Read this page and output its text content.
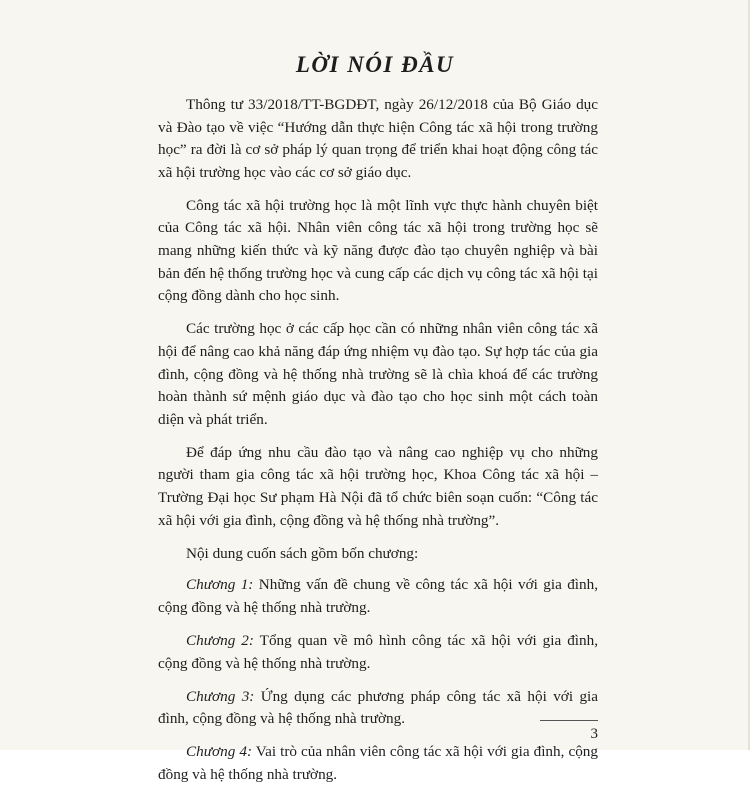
LỜI NÓI ĐẦU

Thông tư 33/2018/TT-BGDĐT, ngày 26/12/2018 của Bộ Giáo dục và Đào tạo về việc “Hướng dẫn thực hiện Công tác xã hội trong trường học” ra đời là cơ sở pháp lý quan trọng để triển khai hoạt động công tác xã hội trường học vào các cơ sở giáo dục.

Công tác xã hội trường học là một lĩnh vực thực hành chuyên biệt của Công tác xã hội. Nhân viên công tác xã hội trong trường học sẽ mang những kiến thức và kỹ năng được đào tạo chuyên nghiệp và bài bản đến hệ thống trường học và cung cấp các dịch vụ công tác xã hội tại cộng đồng dành cho học sinh.

Các trường học ở các cấp học cần có những nhân viên công tác xã hội để nâng cao khả năng đáp ứng nhiệm vụ đào tạo. Sự hợp tác của gia đình, cộng đồng và hệ thống nhà trường sẽ là chìa khoá để các trường hoàn thành sứ mệnh giáo dục và đào tạo cho học sinh một cách toàn diện và phát triển.

Để đáp ứng nhu cầu đào tạo và nâng cao nghiệp vụ cho những người tham gia công tác xã hội trường học, Khoa Công tác xã hội – Trường Đại học Sư phạm Hà Nội đã tổ chức biên soạn cuốn: “Công tác xã hội với gia đình, cộng đồng và hệ thống nhà trường”.

Nội dung cuốn sách gồm bốn chương:

Chương 1: Những vấn đề chung về công tác xã hội với gia đình, cộng đồng và hệ thống nhà trường.

Chương 2: Tổng quan về mô hình công tác xã hội với gia đình, cộng đồng và hệ thống nhà trường.

Chương 3: Ứng dụng các phương pháp công tác xã hội với gia đình, cộng đồng và hệ thống nhà trường.

Chương 4: Vai trò của nhân viên công tác xã hội với gia đình, cộng đồng và hệ thống nhà trường.

3
